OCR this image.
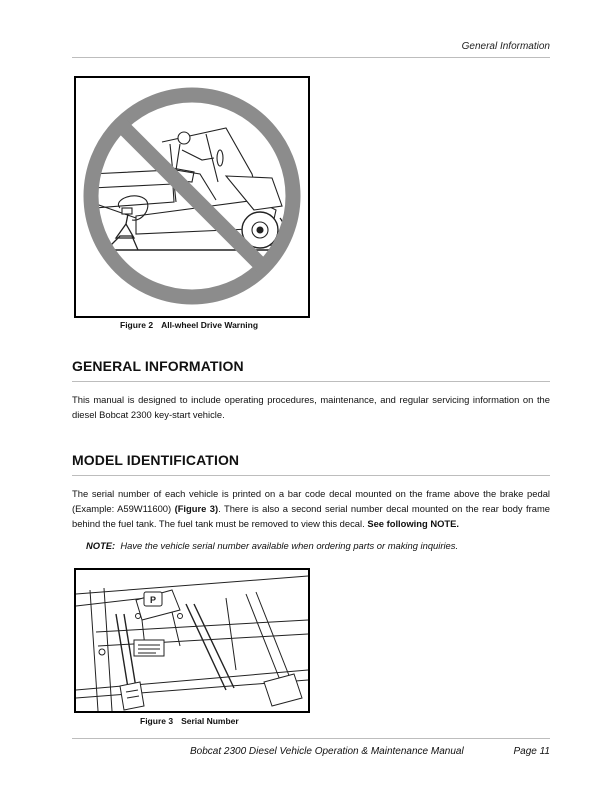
General Information
Figure 2 All-wheel Drive Warning
GENERAL INFORMATION

This manual is designed to include operating procedures, maintenance, and regular servicing information on the diesel Bobcat 2300 key-start vehicle.

MODEL IDENTIFICATION

The serial number of each vehicle is printed on a bar code decal mounted on the frame above the brake pedal (Example: A59W11600) (Figure 3). There is also a second serial number decal mounted on the rear body frame behind the fuel tank. The fuel tank must be removed to view this decal. See following NOTE.

NOTE: Have the vehicle serial number available when ordering parts or making inquiries.
P
Figure 3 Serial Number
Bobcat 2300 Diesel Vehicle Operation & Maintenance Manual	Page 11
